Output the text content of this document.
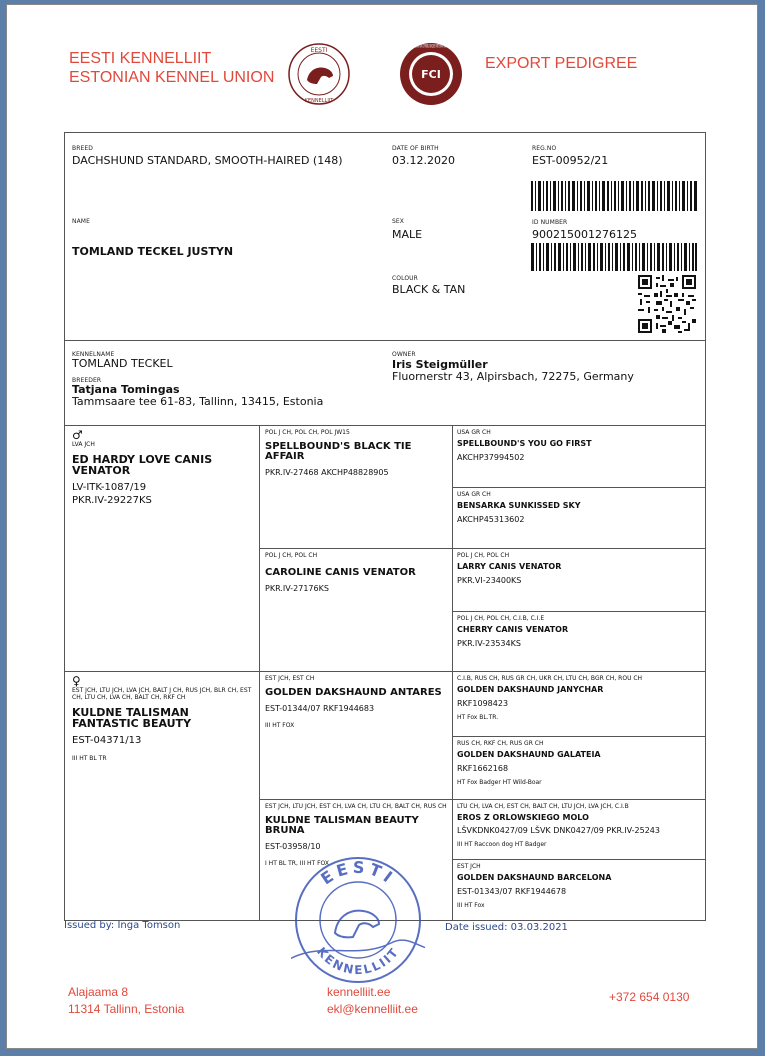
EESTI KENNELLIIT
ESTONIAN KENNEL UNION
EESTI
KENNELLIIT
FEDERATION CYNOLOGIQUE INTERNATIONALE
FCI
EXPORT PEDIGREE
BREED
DACHSHUND STANDARD, SMOOTH-HAIRED (148)
DATE OF BIRTH
03.12.2020
REG.NO
EST-00952/21
NAME
TOMLAND TECKEL JUSTYN
SEX
MALE
ID NUMBER
900215001276125
COLOUR
BLACK & TAN
KENNELNAME
TOMLAND TECKEL
BREEDER
Tatjana Tomingas
Tammsaare tee 61-83, Tallinn, 13415, Estonia
OWNER
Iris Steigmüller
Fluornerstr 43, Alpirsbach, 72275, Germany
♂
LVA JCH
ED HARDY LOVE CANIS VENATOR
LV-ITK-1087/19
PKR.IV-29227KS
♀
EST JCH, LTU JCH, LVA JCH, BALT J CH, RUS JCH, BLR CH, EST CH, LTU CH, LVA CH, BALT CH, RKF CH
KULDNE TALISMAN FANTASTIC BEAUTY
EST-04371/13
III HT BL TR
POL J CH, POL CH, POL JW15
SPELLBOUND'S BLACK TIE AFFAIR
PKR.IV-27468 AKCHP48828905
POL J CH, POL CH
CAROLINE CANIS VENATOR
PKR.IV-27176KS
EST JCH, EST CH
GOLDEN DAKSHAUND ANTARES
EST-01344/07 RKF1944683
III HT FOX
EST JCH, LTU JCH, EST CH, LVA CH, LTU CH, BALT CH, RUS CH
KULDNE TALISMAN BEAUTY BRUNA
EST-03958/10
I HT BL TR, III HT FOX
USA GR CH
SPELLBOUND'S YOU GO FIRST
AKCHP37994502
USA GR CH
BENSARKA SUNKISSED SKY
AKCHP45313602
POL J CH, POL CH
LARRY CANIS VENATOR
PKR.VI-23400KS
POL J CH, POL CH, C.I.B, C.I.E
CHERRY CANIS VENATOR
PKR.IV-23534KS
C.I.B, RUS CH, RUS GR CH, UKR CH, LTU CH, BGR CH, ROU CH
GOLDEN DAKSHAUND JANYCHAR
RKF1098423
HT Fox BL.TR.
RUS CH, RKF CH, RUS GR CH
GOLDEN DAKSHAUND GALATEIA
RKF1662168
HT Fox Badger HT Wild-Boar
LTU CH, LVA CH, EST CH, BALT CH, LTU JCH, LVA JCH, C.I.B
EROS Z ORLOWSKIEGO MOLO
LŠVKDNK0427/09 LŠVK DNK0427/09 PKR.IV-25243
III HT Raccoon dog HT Badger
EST JCH
GOLDEN DAKSHAUND BARCELONA
EST-01343/07 RKF1944678
III HT Fox
EESTI
KENNELLIIT
Issued by: Inga Tomson	Date issued: 03.03.2021
Alajaama 8
11314 Tallinn, Estonia
kennelliit.ee
ekl@kennelliit.ee
+372 654 0130
